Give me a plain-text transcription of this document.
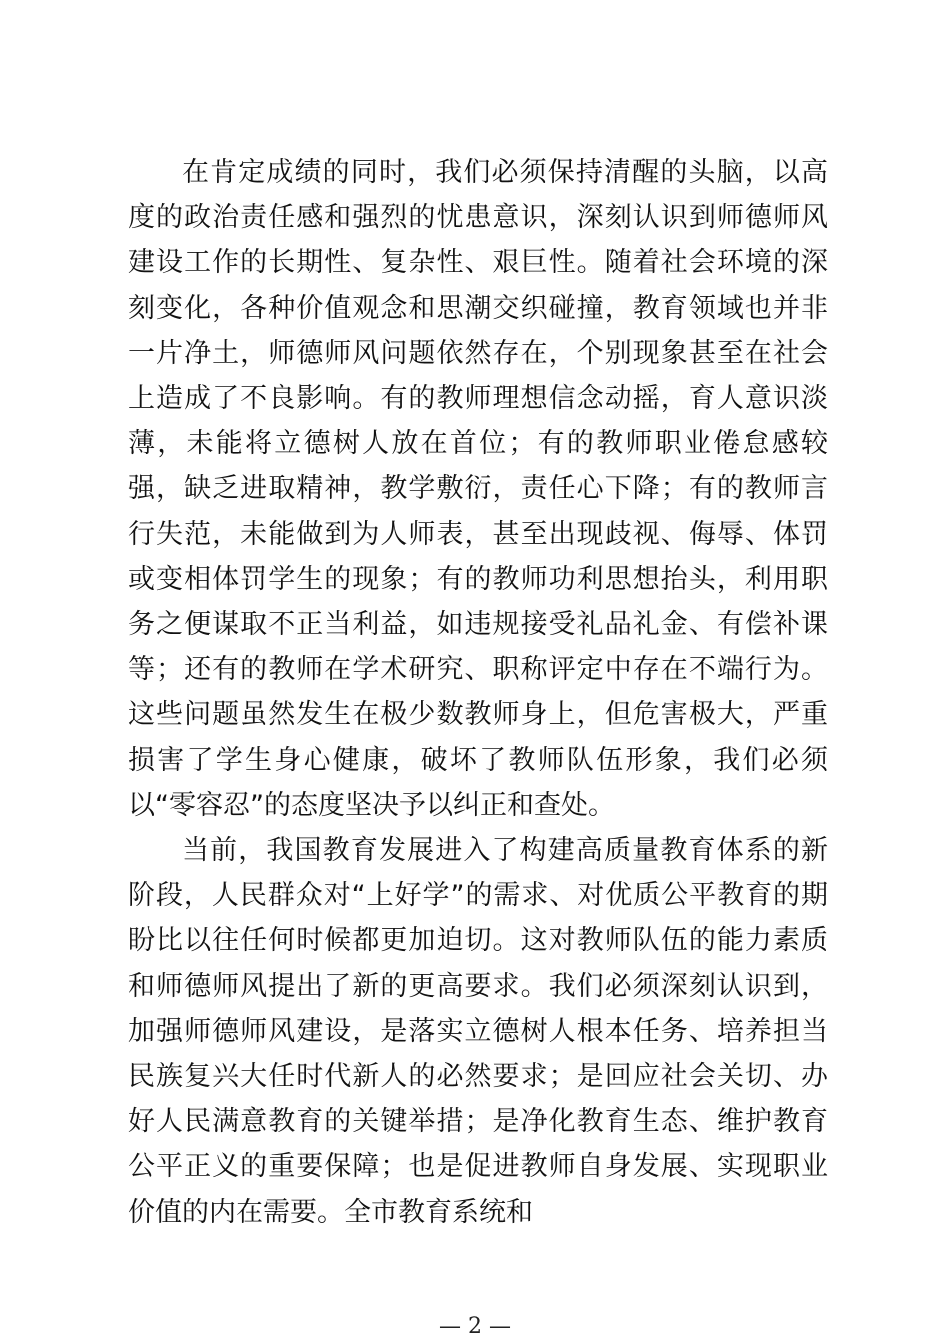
在肯定成绩的同时，我们必须保持清醒的头脑，以高度的政治责任感和强烈的忧患意识，深刻认识到师德师风建设工作的长期性、复杂性、艰巨性。随着社会环境的深刻变化，各种价值观念和思潮交织碰撞，教育领域也并非一片净土，师德师风问题依然存在，个别现象甚至在社会上造成了不良影响。有的教师理想信念动摇，育人意识淡薄，未能将立德树人放在首位；有的教师职业倦怠感较强，缺乏进取精神，教学敷衍，责任心下降；有的教师言行失范，未能做到为人师表，甚至出现歧视、侮辱、体罚或变相体罚学生的现象；有的教师功利思想抬头，利用职务之便谋取不正当利益，如违规接受礼品礼金、有偿补课等；还有的教师在学术研究、职称评定中存在不端行为。这些问题虽然发生在极少数教师身上，但危害极大，严重损害了学生身心健康，破坏了教师队伍形象，我们必须以“零容忍”的态度坚决予以纠正和查处。

当前，我国教育发展进入了构建高质量教育体系的新阶段，人民群众对“上好学”的需求、对优质公平教育的期盼比以往任何时候都更加迫切。这对教师队伍的能力素质和师德师风提出了新的更高要求。我们必须深刻认识到，加强师德师风建设，是落实立德树人根本任务、培养担当民族复兴大任时代新人的必然要求；是回应社会关切、办好人民满意教育的关键举措；是净化教育生态、维护教育公平正义的重要保障；也是促进教师自身发展、实现职业价值的内在需要。全市教育系统和

— 2 —
